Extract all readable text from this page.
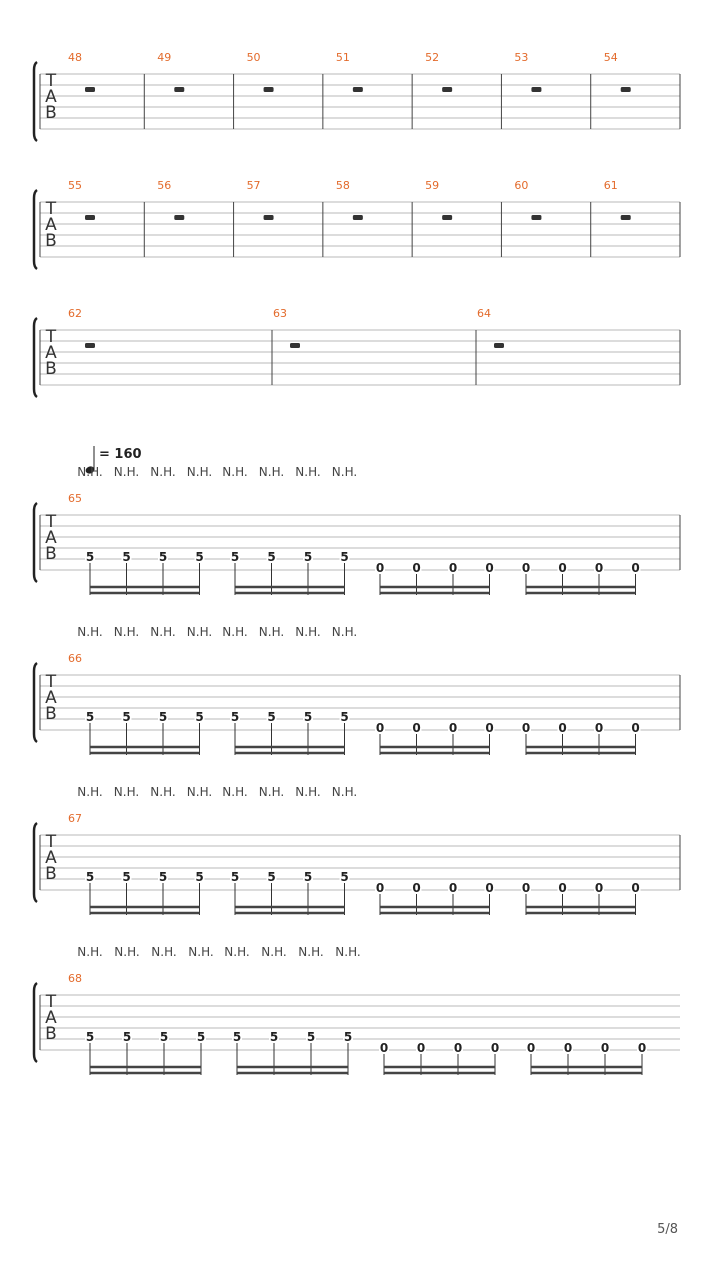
T
A
B
48	49	50	51	52	53	54
T
A
B
55	56	57	58	59	60	61
T
A
B
62	63	64
= 160
T
A
B
65
N.H. N.H. N.H. N.H. N.H. N.H. N.H. N.H.
5 5 5 5 5 5 5 5
0 0 0 0 0 0 0 0
T
A
B
66
N.H. N.H. N.H. N.H. N.H. N.H. N.H. N.H.
5 5 5 5 5 5 5 5
0 0 0 0 0 0 0 0
T
A
B
67
N.H. N.H. N.H. N.H. N.H. N.H. N.H. N.H.
5 5 5 5 5 5 5 5
0 0 0 0 0 0 0 0
T
A
B
68
N.H. N.H. N.H. N.H. N.H. N.H. N.H. N.H.
5 5 5 5 5 5 5 5
0 0 0 0 0 0 0 0
5/8
